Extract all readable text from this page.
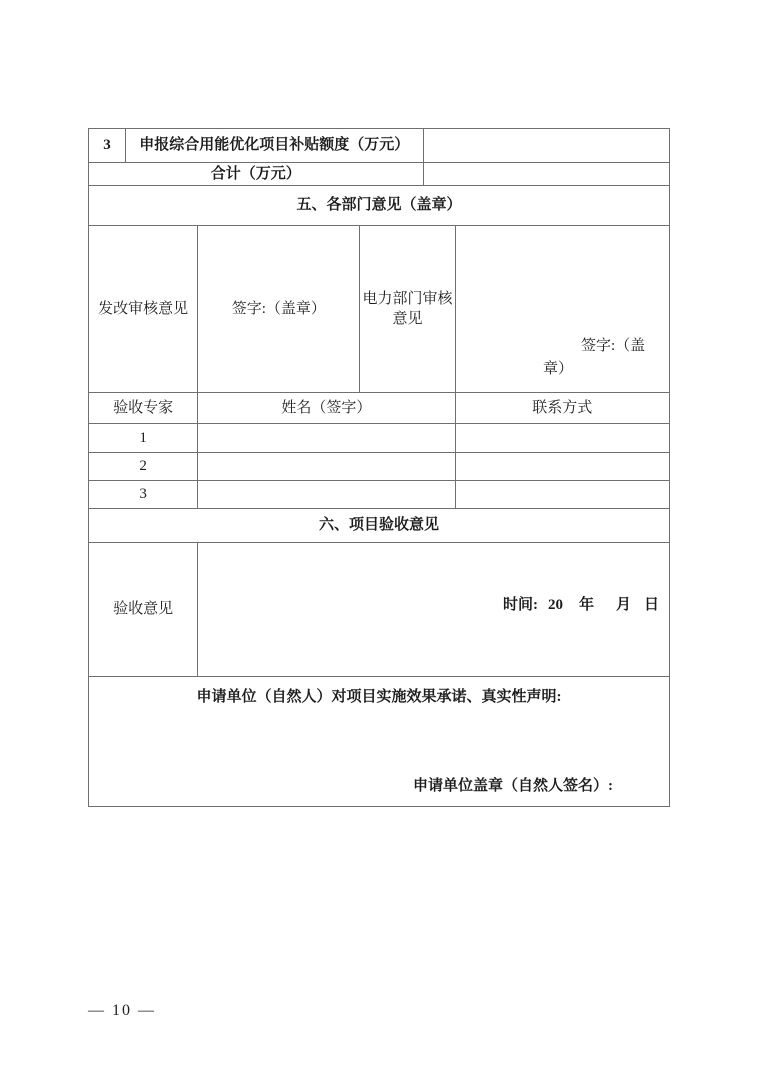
3	申报综合用能优化项目补贴额度（万元）				
合计（万元）					
五、各部门意见（盖章）					
发改审核意见		签字:（盖章）	电力部门审核意见		签字:（盖章）

验收专家		姓名（签字）			联系方式
1					
2					
3					
六、项目验收意见					
验收意见		时间: 20 年 月 日			

申请单位（自然人）对项目实施效果承诺、真实性声明:
申请单位盖章（自然人签名）:					
— 10 —
